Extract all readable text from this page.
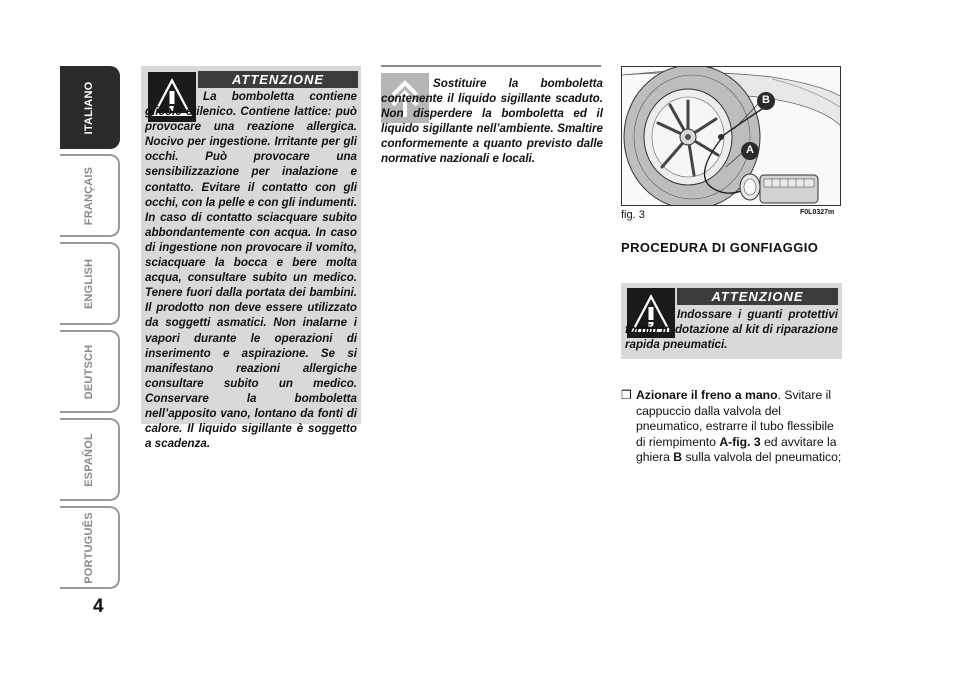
ITALIANO
FRANÇAIS
ENGLISH
DEUTSCH
ESPAÑOL
PORTUGUÊS
4
ATTENZIONE
La bomboletta contiene glicole etilenico. Contiene lattice: può provocare una reazione allergica. Nocivo per ingestione. Irritante per gli occhi. Può provocare una sensibilizzazione per inalazione e contatto. Evitare il contatto con gli occhi, con la pelle e con gli indumenti. In caso di contatto sciacquare subito abbondantemente con acqua. In caso di ingestione non provocare il vomito, sciacquare la bocca e bere molta acqua, consultare subito un medico. Tenere fuori dalla portata dei bambini. Il prodotto non deve essere utilizzato da soggetti asmatici. Non inalarne i vapori durante le operazioni di inserimento e aspirazione. Se si manifestano reazioni allergiche consultare subito un medico. Conservare la bomboletta nell’apposito vano, lontano da fonti di calore. Il liquido sigillante è soggetto a scadenza.
Sostituire la bomboletta contenente il liquido sigillante scaduto. Non disperdere la bomboletta ed il liquido sigillante nell’ambiente. Smaltire conformemente a quanto previsto dalle normative nazionali e locali.
B
A
fig. 3	F0L0327m
PROCEDURA DI GONFIAGGIO
ATTENZIONE
Indossare i guanti protettivi forniti in dotazione al kit di riparazione rapida pneumatici.
❒ Azionare il freno a mano. Svitare il cappuccio dalla valvola del pneumatico, estrarre il tubo flessibile di riempimento A-fig. 3 ed avvitare la ghiera B sulla valvola del pneumatico;
